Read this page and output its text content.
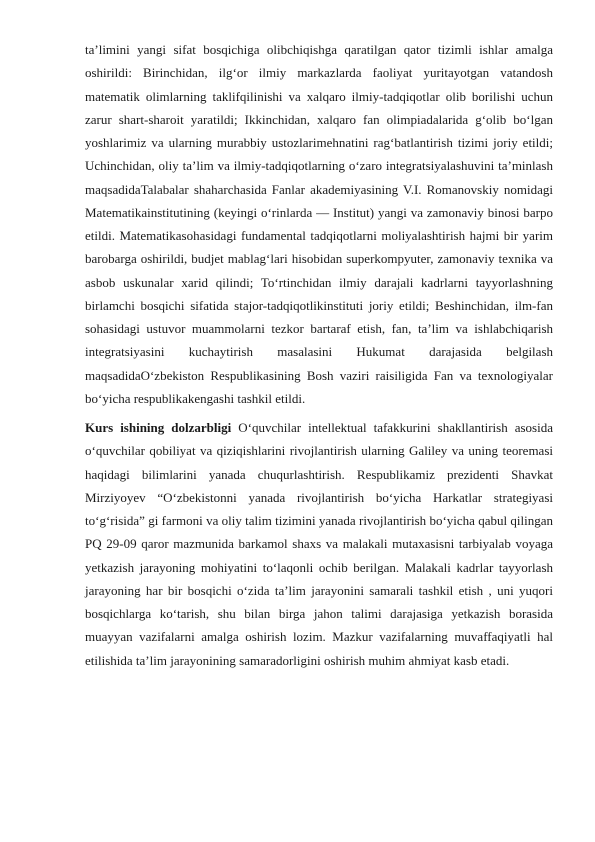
ta’limini yangi sifat bosqichiga olibchiqishga qaratilgan qator tizimli ishlar amalga oshirildi: Birinchidan, ilg‘or ilmiy markazlarda faoliyat yuritayotgan vatandosh matematik olimlarning taklifqilinishi va xalqaro ilmiy-tadqiqotlar olib borilishi uchun zarur shart-sharoit yaratildi; Ikkinchidan, xalqaro fan olimpiadalarida g‘olib bo‘lgan yoshlarimiz va ularning murabbiy ustozlarimehnatini rag‘batlantirish tizimi joriy etildi; Uchinchidan, oliy ta’lim va ilmiy-tadqiqotlarning o‘zaro integratsiyalashuvini ta’minlash maqsadidaTalabalar shaharchasida Fanlar akademiyasining V.I. Romanovskiy nomidagi Matematikainstitutining (keyingi o‘rinlarda — Institut) yangi va zamonaviy binosi barpo etildi. Matematikasohasidagi fundamental tadqiqotlarni moliyalashtirish hajmi bir yarim barobarga oshirildi, budjet mablag‘lari hisobidan superkompyuter, zamonaviy texnika va asbob uskunalar xarid qilindi; To‘rtinchidan ilmiy darajali kadrlarni tayyorlashning birlamchi bosqichi sifatida stajor-tadqiqotlikinstituti joriy etildi; Beshinchidan, ilm-fan sohasidagi ustuvor muammolarni tezkor bartaraf etish, fan, ta’lim va ishlabchiqarish integratsiyasini kuchaytirish masalasini Hukumat darajasida belgilash maqsadidaO‘zbekiston Respublikasining Bosh vaziri raisiligida Fan va texnologiyalar bo‘yicha respublikakengashi tashkil etildi.

Kurs ishining dolzarbligi O‘quvchilar intellektual tafakkurini shakllantirish asosida o‘quvchilar qobiliyat va qiziqishlarini rivojlantirish ularning Galiley va uning teoremasi haqidagi bilimlarini yanada chuqurlashtirish. Respublikamiz prezidenti Shavkat Mirziyoyev “O‘zbekistonni yanada rivojlantirish bo‘yicha Harkatlar strategiyasi to‘g‘risida” gi farmoni va oliy talim tizimini yanada rivojlantirish bo‘yicha qabul qilingan PQ 29-09 qaror mazmunida barkamol shaxs va malakali mutaxasisni tarbiyalab voyaga yetkazish jarayoning mohiyatini to‘laqonli ochib berilgan. Malakali kadrlar tayyorlash jarayoning har bir bosqichi o‘zida ta’lim jarayonini samarali tashkil etish , uni yuqori bosqichlarga ko‘tarish, shu bilan birga jahon talimi darajasiga yetkazish borasida muayyan vazifalarni amalga oshirish lozim. Mazkur vazifalarning muvaffaqiyatli hal etilishida ta’lim jarayonining samaradorligini oshirish muhim ahmiyat kasb etadi.
